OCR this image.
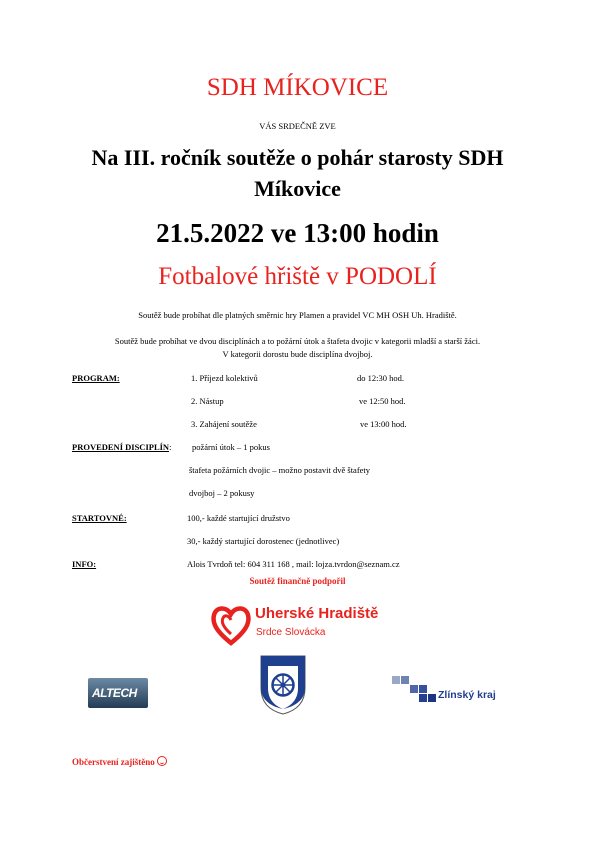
SDH MÍKOVICE
VÁS SRDEČNĚ ZVE
Na III. ročník soutěže o pohár starosty SDH
Míkovice
21.5.2022 ve 13:00 hodin
Fotbalové hřiště v PODOLÍ
Soutěž bude probíhat dle platných směrnic hry Plamen a pravidel VC MH OSH Uh. Hradiště.
Soutěž bude probíhat ve dvou disciplínách a to požární útok a štafeta dvojic v kategorii mladší a starší žáci.
V kategorii dorostu bude disciplína dvojboj.
PROGRAM:	1. Příjezd kolektivů	do 12:30 hod.
2. Nástup	ve 12:50 hod.
3. Zahájení soutěže	ve 13:00 hod.
PROVEDENÍ DISCIPLÍN: požární útok – 1 pokus
štafeta požárních dvojic – možno postavit dvě štafety
dvojboj – 2 pokusy
STARTOVNÉ:	100,- každé startující družstvo
30,- každý startující dorostenec (jednotlivec)
INFO:	Alois Tvrdoň tel: 604 311 168 , mail: lojza.tvrdon@seznam.cz
Soutěž finančně podpořil
Uherské Hradiště
Srdce Slovácka
ALTECH	Zlínský kraj
Občerstvení zajištěno
